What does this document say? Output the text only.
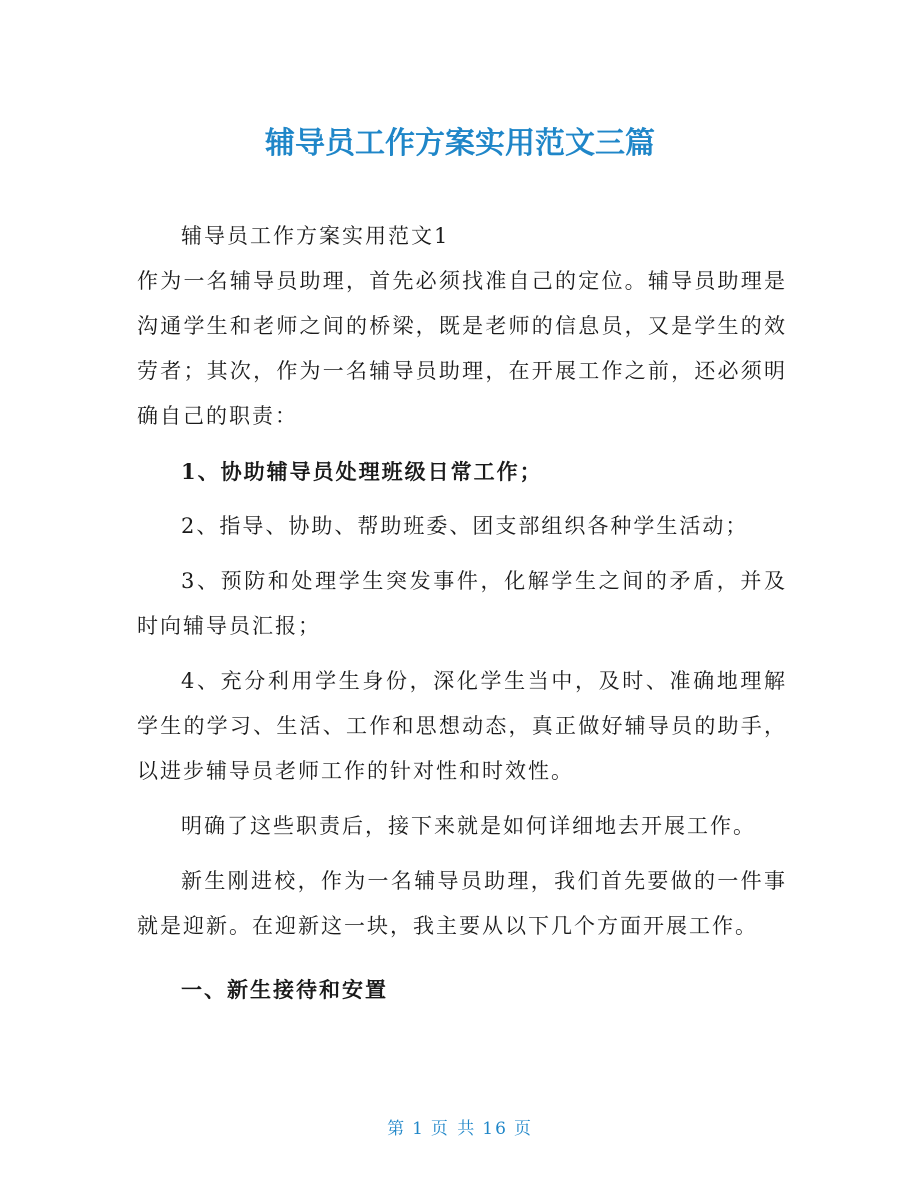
辅导员工作方案实用范文三篇

辅导员工作方案实用范文1

作为一名辅导员助理，首先必须找准自己的定位。辅导员助理是沟通学生和老师之间的桥梁，既是老师的信息员，又是学生的效劳者；其次，作为一名辅导员助理，在开展工作之前，还必须明确自己的职责：

1、协助辅导员处理班级日常工作；

2、指导、协助、帮助班委、团支部组织各种学生活动；

3、预防和处理学生突发事件，化解学生之间的矛盾，并及时向辅导员汇报；

4、充分利用学生身份，深化学生当中，及时、准确地理解学生的学习、生活、工作和思想动态，真正做好辅导员的助手，以进步辅导员老师工作的针对性和时效性。

明确了这些职责后，接下来就是如何详细地去开展工作。

新生刚进校，作为一名辅导员助理，我们首先要做的一件事就是迎新。在迎新这一块，我主要从以下几个方面开展工作。

一、新生接待和安置

第 1 页 共 16 页
